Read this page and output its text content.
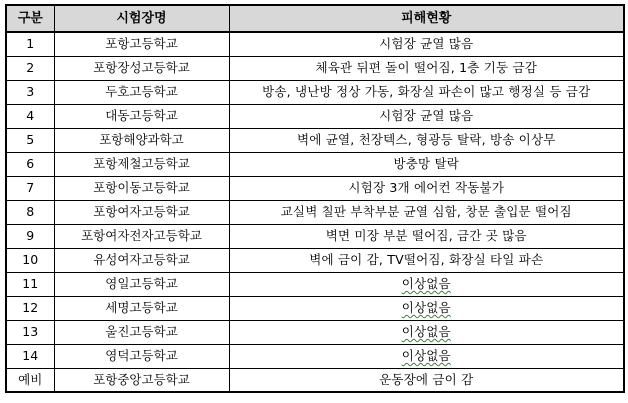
구분	시험장명	피해현황
1	포항고등학교	시험장 균열 많음
2	포항장성고등학교	체육관 뒤편 돌이 떨어짐, 1층 기둥 금감
3	두호고등학교	방송, 냉난방 정상 가동, 화장실 파손이 많고 행정실 등 금감
4	대동고등학교	시험장 균열 많음
5	포항해양과학고	벽에 균열, 천장텍스, 형광등 탈락, 방송 이상무
6	포항제철고등학교	방충망 탈락
7	포항이동고등학교	시험장 3개 에어컨 작동불가
8	포항여자고등학교	교실벽 칠판 부착부분 균열 심함, 창문 출입문 떨어짐
9	포항여자전자고등학교	벽면 미장 부분 떨어짐, 금간 곳 많음
10	유성여자고등학교	벽에 금이 감, TV떨어짐, 화장실 타일 파손
11	영일고등학교	이상없음
12	세명고등학교	이상없음
13	울진고등학교	이상없음
14	영덕고등학교	이상없음
예비	포항중앙고등학교	운동장에 금이 감
